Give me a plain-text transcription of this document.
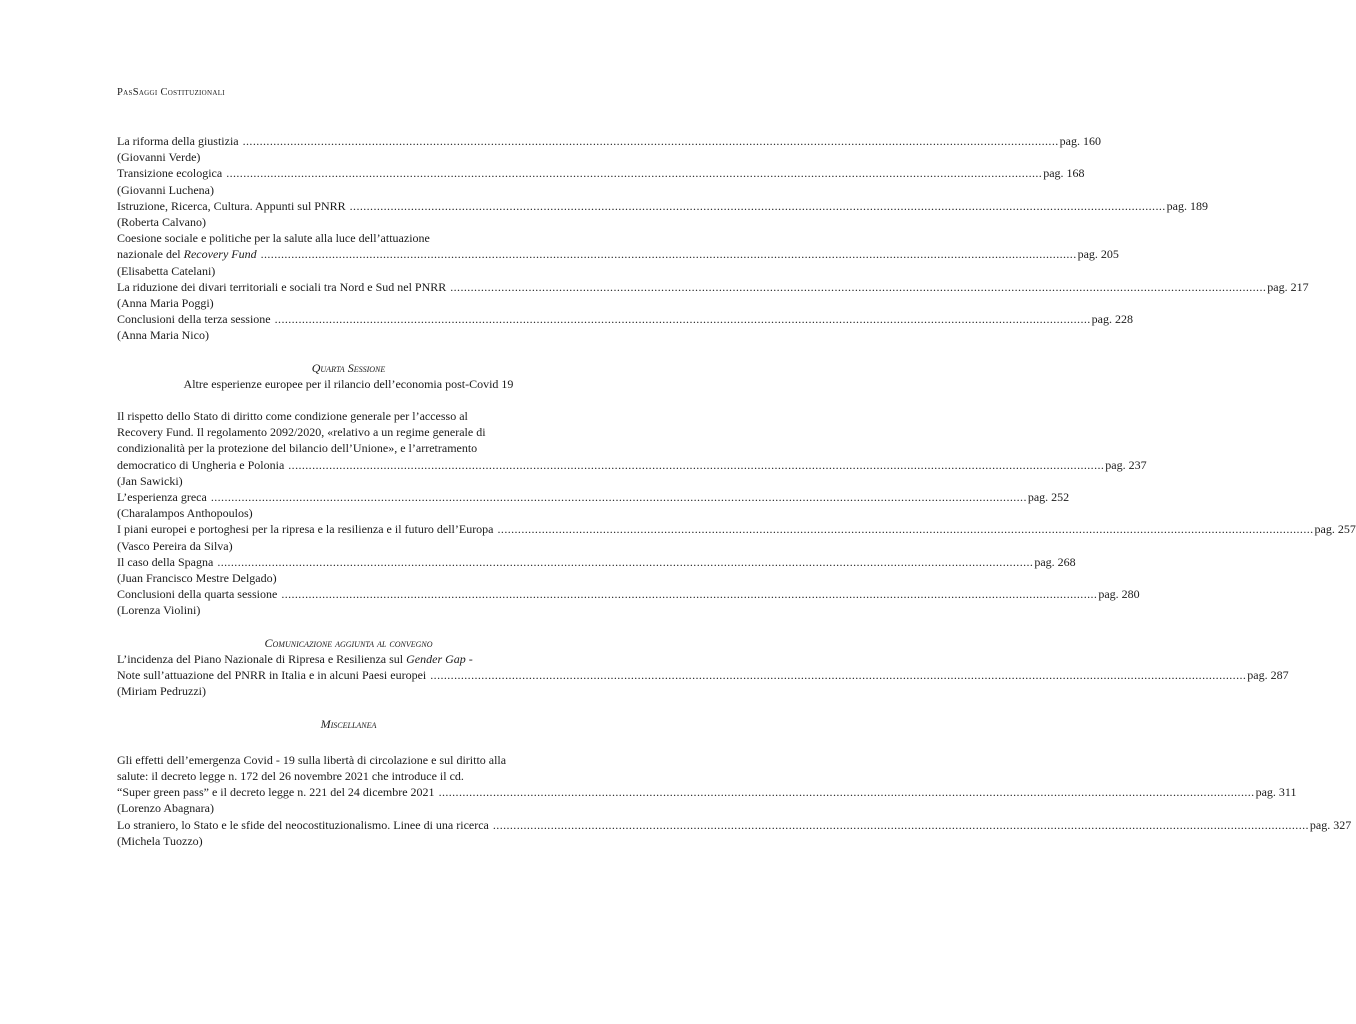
PasSaggi Costituzionali
La riforma della giustizia .....	pag. 160
(Giovanni Verde)
Transizione ecologica .....	pag. 168
(Giovanni Luchena)
Istruzione, Ricerca, Cultura. Appunti sul PNRR .....	pag. 189
(Roberta Calvano)
Coesione sociale e politiche per la salute alla luce dell’attuazione
nazionale del Recovery Fund .....	pag. 205
(Elisabetta Catelani)
La riduzione dei divari territoriali e sociali tra Nord e Sud nel PNRR .....	pag. 217
(Anna Maria Poggi)
Conclusioni della terza sessione .....	pag. 228
(Anna Maria Nico)
Quarta Sessione
Altre esperienze europee per il rilancio dell’economia post-Covid 19
Il rispetto dello Stato di diritto come condizione generale per l’accesso al
Recovery Fund. Il regolamento 2092/2020, «relativo a un regime generale di
condizionalità per la protezione del bilancio dell’Unione», e l’arretramento
democratico di Ungheria e Polonia .....	pag. 237
(Jan Sawicki)
L’esperienza greca .....	pag. 252
(Charalampos Anthopoulos)
I piani europei e portoghesi per la ripresa e la resilienza e il futuro dell’Europa .....	pag. 257
(Vasco Pereira da Silva)
Il caso della Spagna .....	pag. 268
(Juan Francisco Mestre Delgado)
Conclusioni della quarta sessione .....	pag. 280
(Lorenza Violini)
Comunicazione aggiunta al convegno
L’incidenza del Piano Nazionale di Ripresa e Resilienza sul Gender Gap -
Note sull’attuazione del PNRR in Italia e in alcuni Paesi europei .....	pag. 287
(Miriam Pedruzzi)
Miscellanea
Gli effetti dell’emergenza Covid - 19 sulla libertà di circolazione e sul diritto alla
salute: il decreto legge n. 172 del 26 novembre 2021 che introduce il cd.
“Super green pass” e il decreto legge n. 221 del 24 dicembre 2021 .....	pag. 311
(Lorenzo Abagnara)
Lo straniero, lo Stato e le sfide del neocostituzionalismo. Linee di una ricerca .....	pag. 327
(Michela Tuozzo)
